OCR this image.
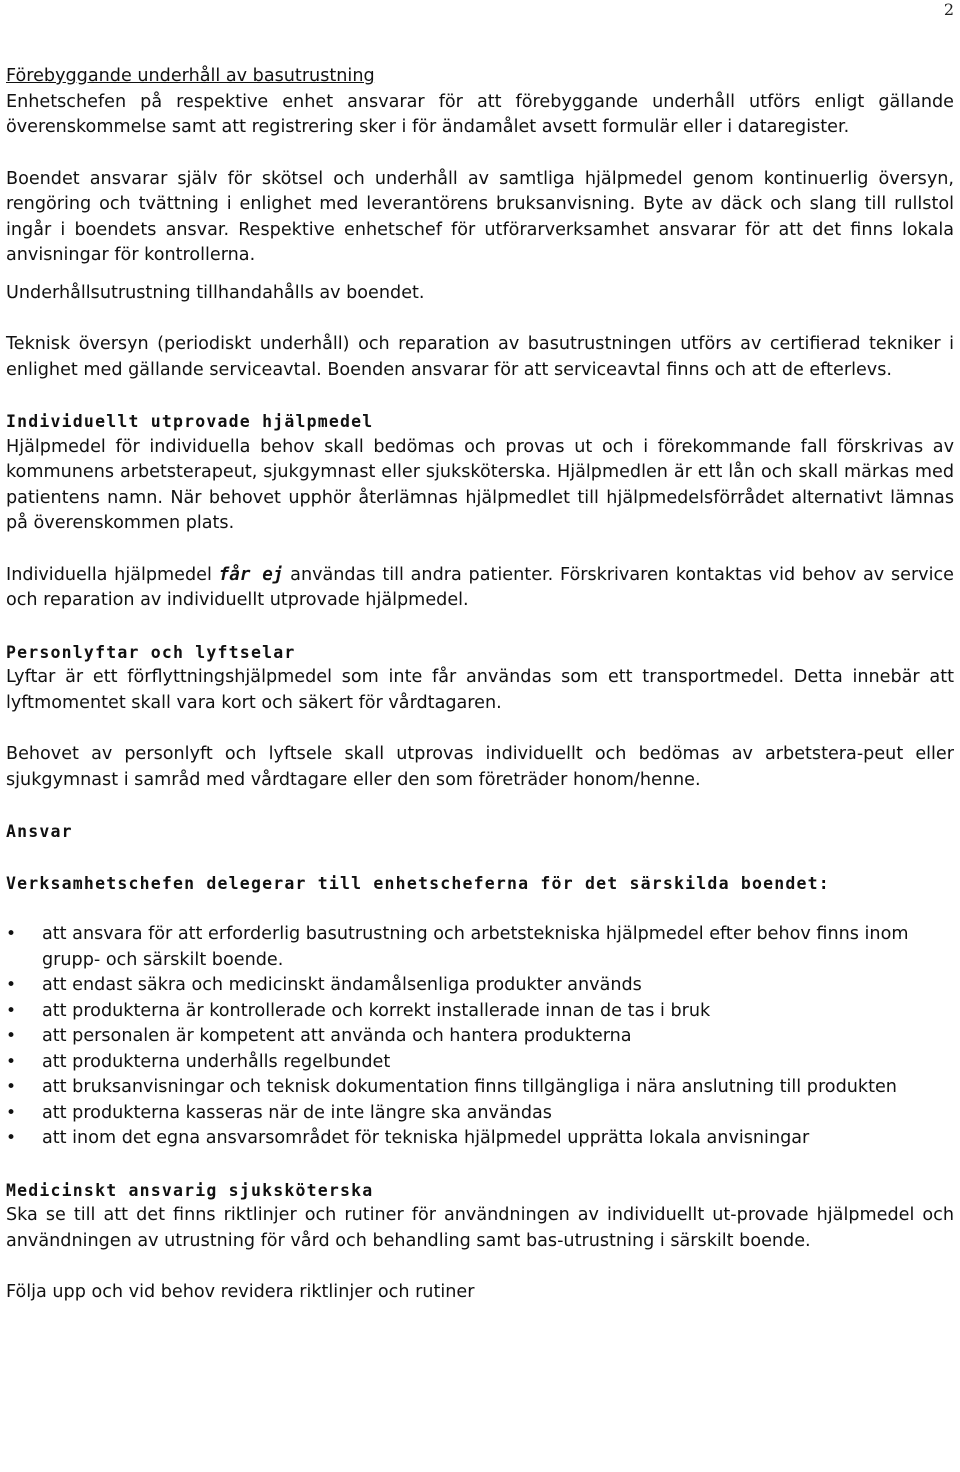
2

Förebyggande underhåll av basutrustning

Enhetschefen på respektive enhet ansvarar för att förebyggande underhåll utförs enligt gällande överenskommelse samt att registrering sker i för ändamålet avsett formulär eller i dataregister.

Boendet ansvarar själv för skötsel och underhåll av samtliga hjälpmedel genom kontinuerlig översyn, rengöring och tvättning i enlighet med leverantörens bruksanvisning. Byte av däck och slang till rullstol ingår i boendets ansvar. Respektive enhetschef för utförarverksamhet ansvarar för att det finns lokala anvisningar för kontrollerna.

Underhållsutrustning tillhandahålls av boendet.

Teknisk översyn (periodiskt underhåll) och reparation av basutrustningen utförs av certifierad tekniker i enlighet med gällande serviceavtal. Boenden ansvarar för att serviceavtal finns och att de efterlevs.

Individuellt utprovade hjälpmedel

Hjälpmedel för individuella behov skall bedömas och provas ut och i förekommande fall förskrivas av kommunens arbetsterapeut, sjukgymnast eller sjuksköterska. Hjälpmedlen är ett lån och skall märkas med patientens namn. När behovet upphör återlämnas hjälpmedlet till hjälpmedelsförrådet alternativt lämnas på överenskommen plats.

Individuella hjälpmedel får ej användas till andra patienter. Förskrivaren kontaktas vid behov av service och reparation av individuellt utprovade hjälpmedel.

Personlyftar och lyftselar

Lyftar är ett förflyttningshjälpmedel som inte får användas som ett transportmedel. Detta innebär att lyftmomentet skall vara kort och säkert för vårdtagaren.

Behovet av personlyft och lyftsele skall utprovas individuellt och bedömas av arbetstera-peut eller sjukgymnast i samråd med vårdtagare eller den som företräder honom/henne.

Ansvar

Verksamhetschefen delegerar till enhetscheferna för det särskilda boendet:

• att ansvara för att erforderlig basutrustning och arbetstekniska hjälpmedel efter behov finns inom grupp- och särskilt boende.
• att endast säkra och medicinskt ändamålsenliga produkter används
• att produkterna är kontrollerade och korrekt installerade innan de tas i bruk
• att personalen är kompetent att använda och hantera produkterna
• att produkterna underhålls regelbundet
• att bruksanvisningar och teknisk dokumentation finns tillgängliga i nära anslutning till produkten
• att produkterna kasseras när de inte längre ska användas
• att inom det egna ansvarsområdet för tekniska hjälpmedel upprätta lokala anvisningar

Medicinskt ansvarig sjuksköterska

Ska se till att det finns riktlinjer och rutiner för användningen av individuellt ut-provade hjälpmedel och användningen av utrustning för vård och behandling samt bas-utrustning i särskilt boende.

Följa upp och vid behov revidera riktlinjer och rutiner
